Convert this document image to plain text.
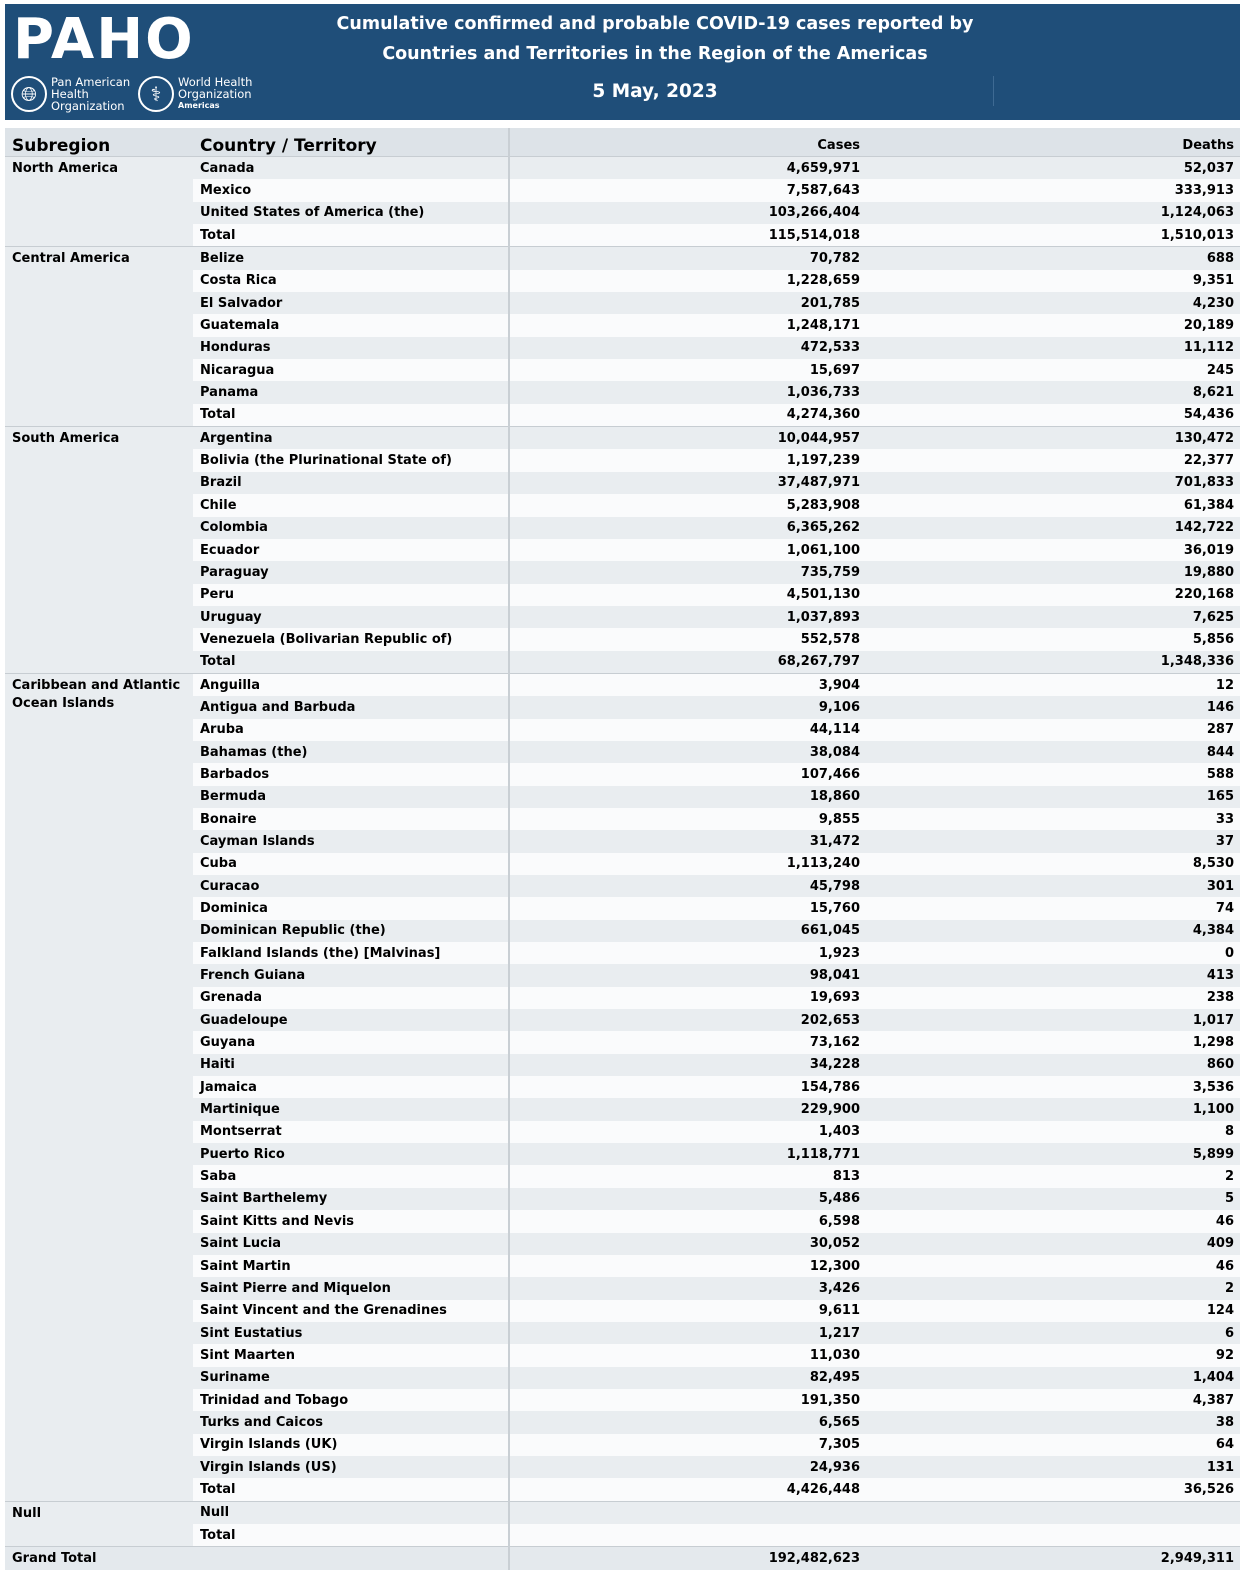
PAHO
🌐︎	Pan American
Health
Organization	⚕︎	World Health
Organization
Americas
Cumulative confirmed and probable COVID-19 cases reported by
Countries and Territories in the Region of the Americas
5 May, 2023
Subregion	Country / Territory	Cases	Deaths
North America	Canada	4,659,971	52,037
	Mexico	7,587,643	333,913
	United States of America (the)	103,266,404	1,124,063
	Total	115,514,018	1,510,013
Central America	Belize	70,782	688
	Costa Rica	1,228,659	9,351
	El Salvador	201,785	4,230
	Guatemala	1,248,171	20,189
	Honduras	472,533	11,112
	Nicaragua	15,697	245
	Panama	1,036,733	8,621
	Total	4,274,360	54,436
South America	Argentina	10,044,957	130,472
	Bolivia (the Plurinational State of)	1,197,239	22,377
	Brazil	37,487,971	701,833
	Chile	5,283,908	61,384
	Colombia	6,365,262	142,722
	Ecuador	1,061,100	36,019
	Paraguay	735,759	19,880
	Peru	4,501,130	220,168
	Uruguay	1,037,893	7,625
	Venezuela (Bolivarian Republic of)	552,578	5,856
	Total	68,267,797	1,348,336
Caribbean and Atlantic Ocean Islands	Anguilla	3,904	12
	Antigua and Barbuda	9,106	146
	Aruba	44,114	287
	Bahamas (the)	38,084	844
	Barbados	107,466	588
	Bermuda	18,860	165
	Bonaire	9,855	33
	Cayman Islands	31,472	37
	Cuba	1,113,240	8,530
	Curacao	45,798	301
	Dominica	15,760	74
	Dominican Republic (the)	661,045	4,384
	Falkland Islands (the) [Malvinas]	1,923	0
	French Guiana	98,041	413
	Grenada	19,693	238
	Guadeloupe	202,653	1,017
	Guyana	73,162	1,298
	Haiti	34,228	860
	Jamaica	154,786	3,536
	Martinique	229,900	1,100
	Montserrat	1,403	8
	Puerto Rico	1,118,771	5,899
	Saba	813	2
	Saint Barthelemy	5,486	5
	Saint Kitts and Nevis	6,598	46
	Saint Lucia	30,052	409
	Saint Martin	12,300	46
	Saint Pierre and Miquelon	3,426	2
	Saint Vincent and the Grenadines	9,611	124
	Sint Eustatius	1,217	6
	Sint Maarten	11,030	92
	Suriname	82,495	1,404
	Trinidad and Tobago	191,350	4,387
	Turks and Caicos	6,565	38
	Virgin Islands (UK)	7,305	64
	Virgin Islands (US)	24,936	131
	Total	4,426,448	36,526
Null	Null		
	Total		
Grand Total		192,482,623	2,949,311
